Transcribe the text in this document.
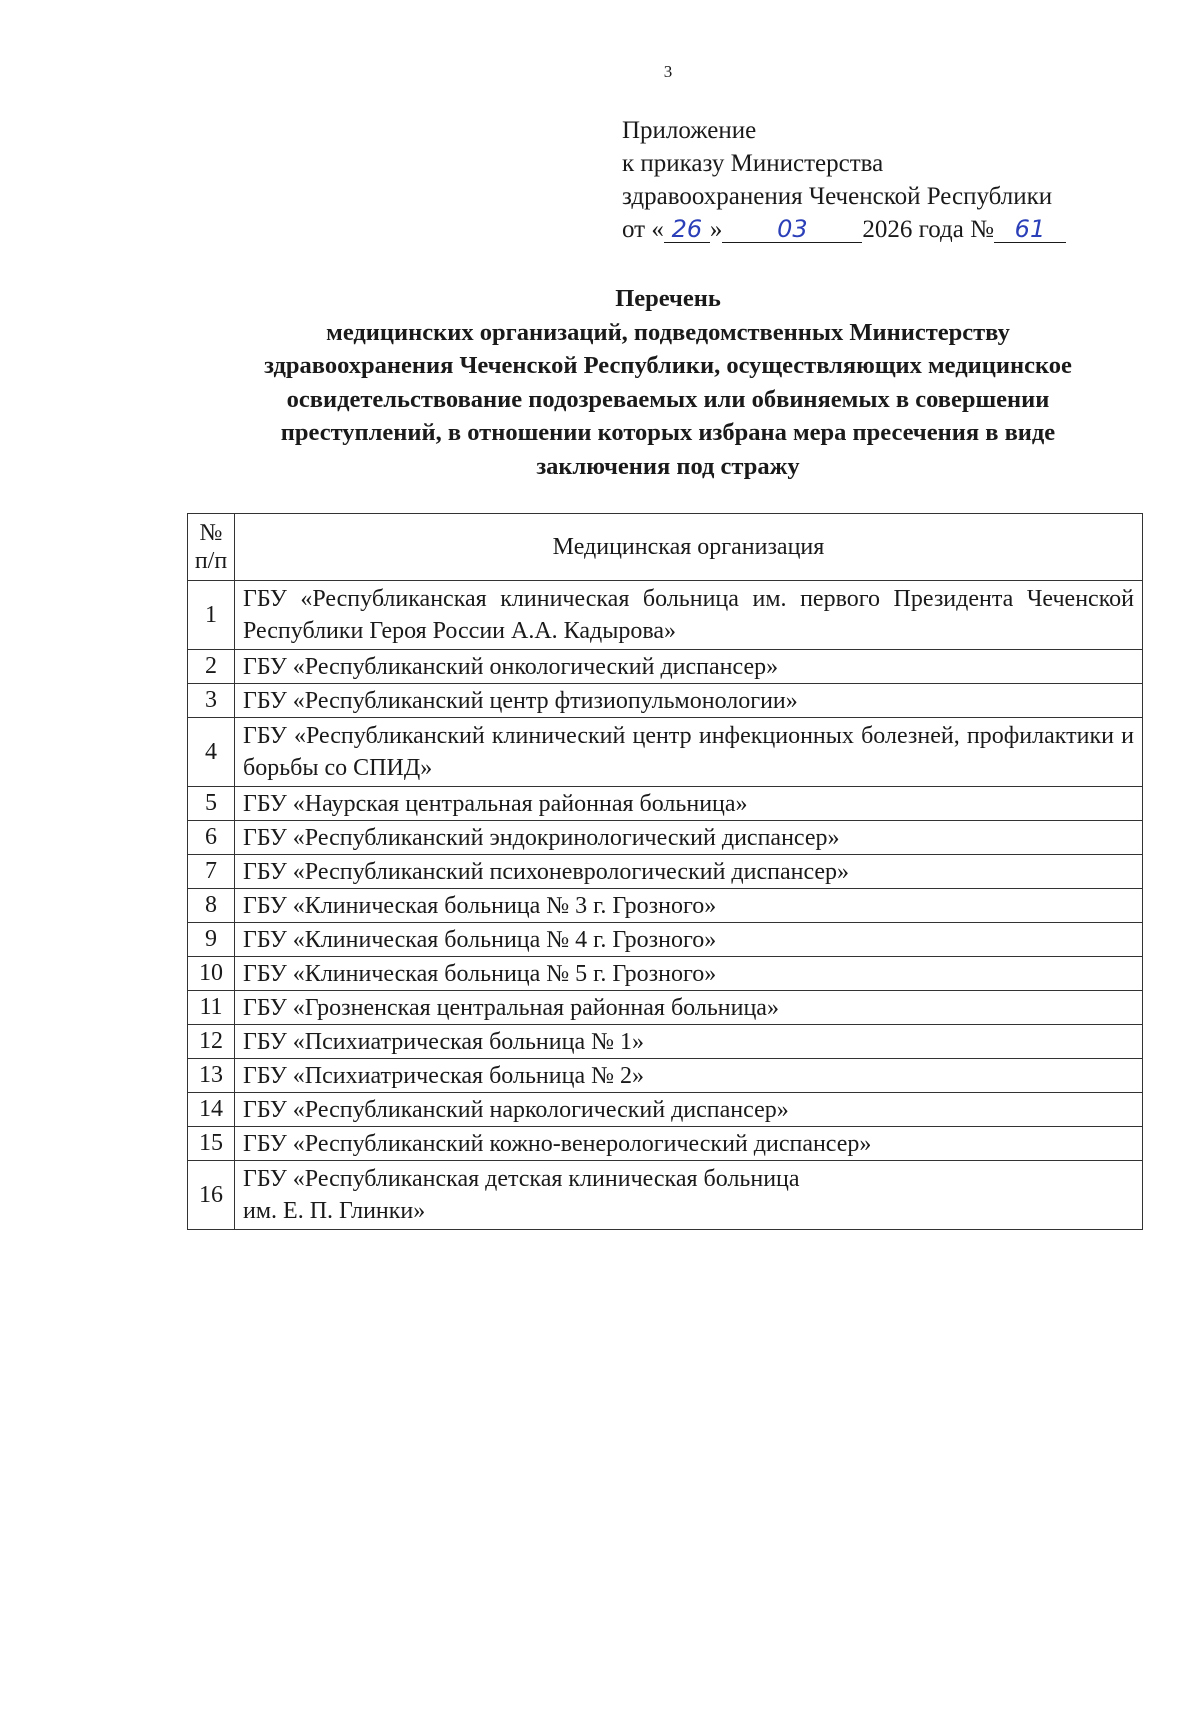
3
Приложение
к приказу Министерства
здравоохранения Чеченской Республики
от « 26 » 03 2026 года № 61
Перечень
медицинских организаций, подведомственных Министерству
здравоохранения Чеченской Республики, осуществляющих медицинское
освидетельствование подозреваемых или обвиняемых в совершении
преступлений, в отношении которых избрана мера пресечения в виде
заключения под стражу
№
п/п	Медицинская организация
1	ГБУ «Республиканская клиническая больница им. первого Президента Чеченской Республики Героя России А.А. Кадырова»
2	ГБУ «Республиканский онкологический диспансер»
3	ГБУ «Республиканский центр фтизиопульмонологии»
4	ГБУ «Республиканский клинический центр инфекционных болезней, профилактики и борьбы со СПИД»
5	ГБУ «Наурская центральная районная больница»
6	ГБУ «Республиканский эндокринологический диспансер»
7	ГБУ «Республиканский психоневрологический диспансер»
8	ГБУ «Клиническая больница № 3 г. Грозного»
9	ГБУ «Клиническая больница № 4 г. Грозного»
10	ГБУ «Клиническая больница № 5 г. Грозного»
11	ГБУ «Грозненская центральная районная больница»
12	ГБУ «Психиатрическая больница № 1»
13	ГБУ «Психиатрическая больница № 2»
14	ГБУ «Республиканский наркологический диспансер»
15	ГБУ «Республиканский кожно-венерологический диспансер»
16	ГБУ «Республиканская детская клиническая больница
им. Е. П. Глинки»
